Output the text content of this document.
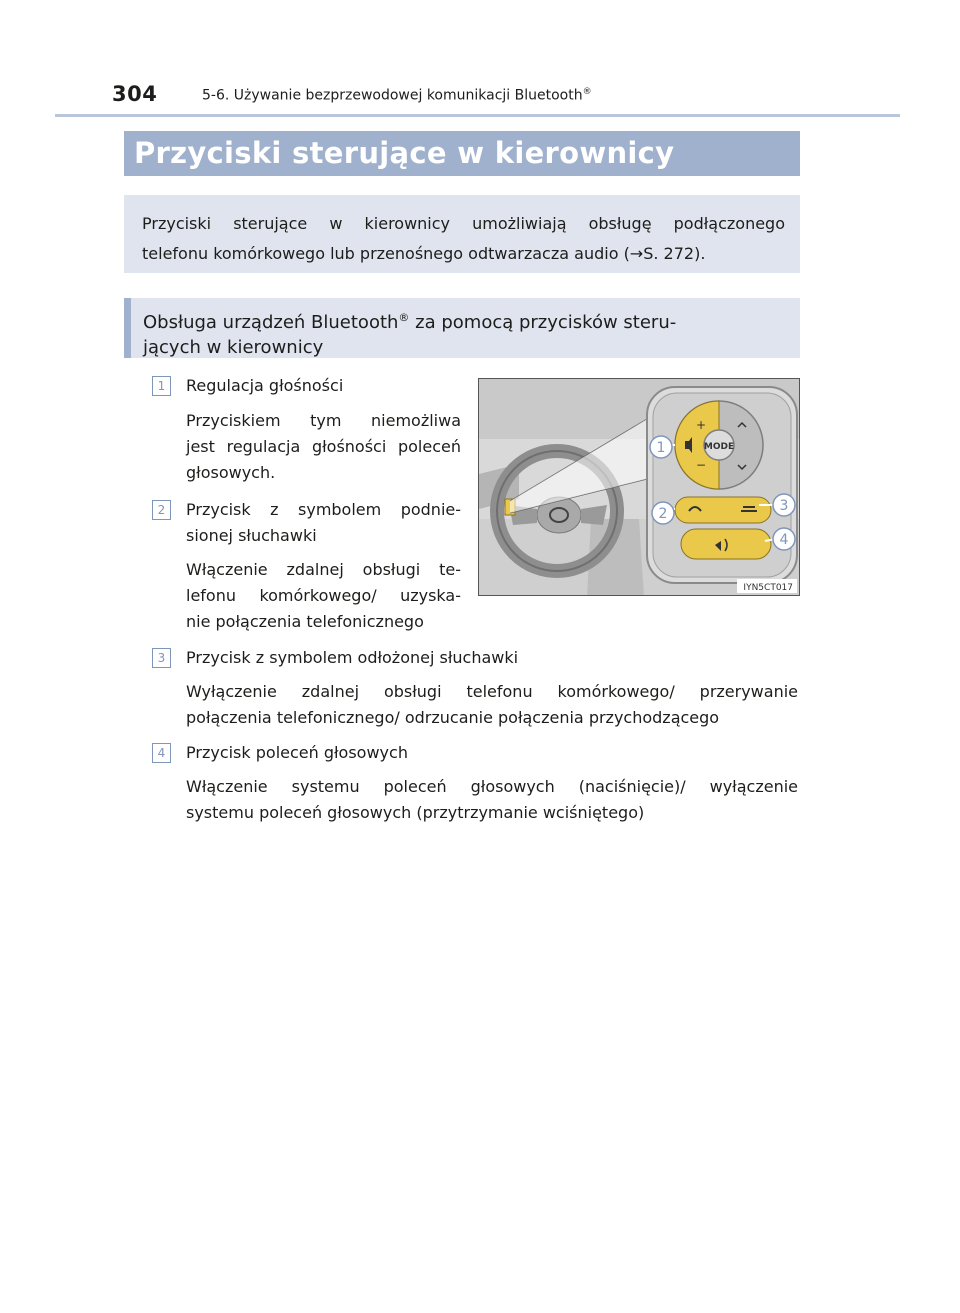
304	5-6. Używanie bezprzewodowej komunikacji Bluetooth®
Przyciski sterujące w kierownicy
Przyciski sterujące w kierownicy umożliwiają obsługę podłączonego
telefonu komórkowego lub przenośnego odtwarzacza audio (→S. 272).
Obsługa urządzeń Bluetooth® za pomocą przycisków steru-
jących w kierownicy
1	Regulacja głośności
Przyciskiem tym niemożliwa
jest regulacja głośności poleceń
głosowych.
2	Przycisk z symbolem podnie-
sionej słuchawki
Włączenie zdalnej obsługi te-
lefonu komórkowego/ uzyska-
nie połączenia telefonicznego
3	Przycisk z symbolem odłożonej słuchawki
Wyłączenie zdalnej obsługi telefonu komórkowego/ przerywanie
połączenia telefonicznego/ odrzucanie połączenia przychodzącego
4	Przycisk poleceń głosowych
Włączenie systemu poleceń głosowych (naciśnięcie)/ wyłączenie
systemu poleceń głosowych (przytrzymanie wciśniętego)
MODE
+
−
1
2	3
4
IYN5CT017
